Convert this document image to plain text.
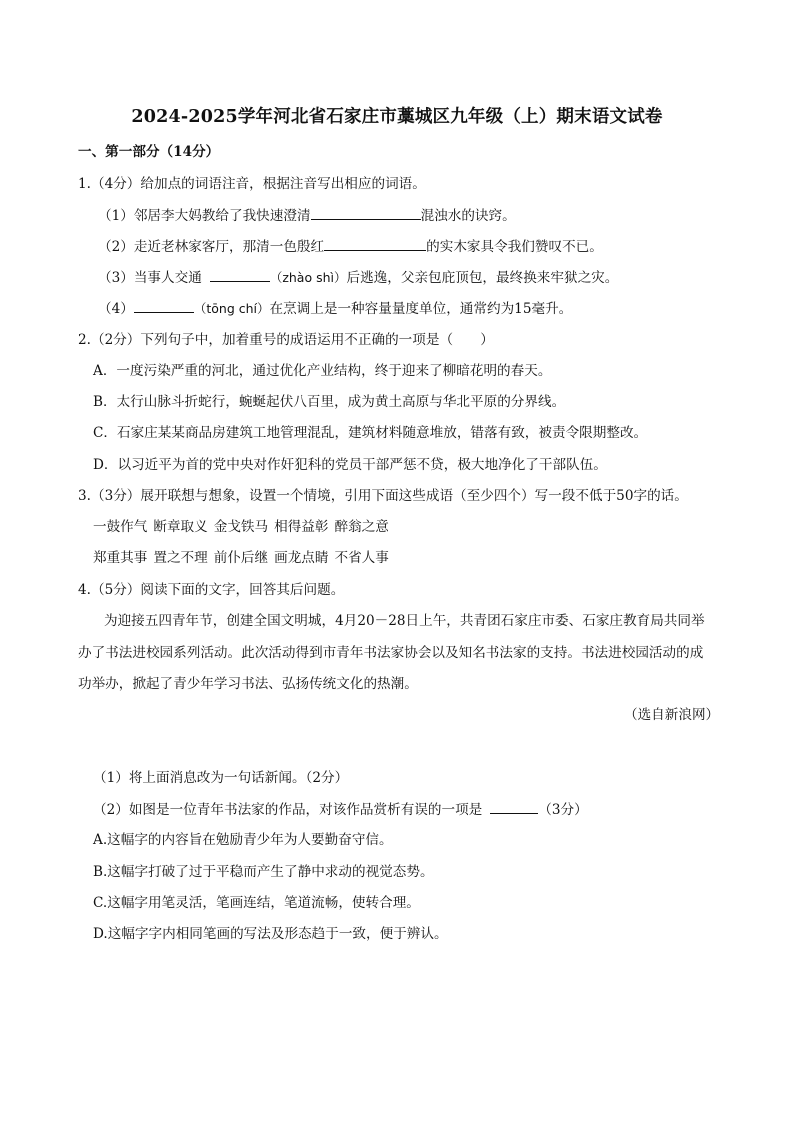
2024-2025学年河北省石家庄市藁城区九年级（上）期末语文试卷
一、第一部分（14分）
1.（4分）给加点的词语注音，根据注音写出相应的词语。
（1）邻居李大妈教给了我快速澄清	混浊水的诀窍。
（2）走近老林家客厅，那清一色殷红	的实木家具令我们赞叹不已。
（3）当事人交通	（zhào shì）后逃逸，父亲包庇顶包，最终换来牢狱之灾。
（4）	（tōng chí）在烹调上是一种容量量度单位，通常约为15毫升。
2.（2分）下列句子中，加着重号的成语运用不正确的一项是（　　）
A．一度污染严重的河北，通过优化产业结构，终于迎来了柳暗花明的春天。
B．太行山脉斗折蛇行，蜿蜒起伏八百里，成为黄土高原与华北平原的分界线。
C．石家庄某某商品房建筑工地管理混乱，建筑材料随意堆放，错落有致，被责令限期整改。
D．以习近平为首的党中央对作奸犯科的党员干部严惩不贷，极大地净化了干部队伍。
3.（3分）展开联想与想象，设置一个情境，引用下面这些成语（至少四个）写一段不低于50字的话。
一鼓作气 断章取义 金戈铁马 相得益彰 醉翁之意
郑重其事 置之不理 前仆后继 画龙点睛 不省人事
4.（5分）阅读下面的文字，回答其后问题。
为迎接五四青年节，创建全国文明城，4月20－28日上午，共青团石家庄市委、石家庄教育局共同举
办了书法进校园系列活动。此次活动得到市青年书法家协会以及知名书法家的支持。书法进校园活动的成
功举办，掀起了青少年学习书法、弘扬传统文化的热潮。
（选自新浪网）
（1）将上面消息改为一句话新闻。（2分）
（2）如图是一位青年书法家的作品，对该作品赏析有误的一项是	（3分）
A.这幅字的内容旨在勉励青少年为人要勤奋守信。
B.这幅字打破了过于平稳而产生了静中求动的视觉态势。
C.这幅字用笔灵活，笔画连结，笔道流畅，使转合理。
D.这幅字字内相同笔画的写法及形态趋于一致，便于辨认。
